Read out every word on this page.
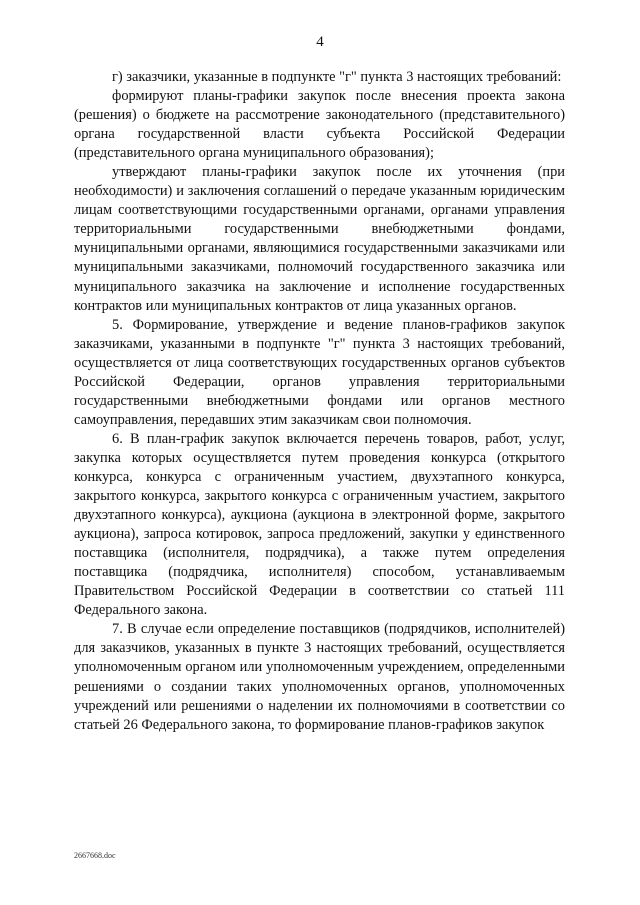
4

г) заказчики, указанные в подпункте "г" пункта 3 настоящих требований:

формируют планы-графики закупок после внесения проекта закона (решения) о бюджете на рассмотрение законодательного (представительного) органа государственной власти субъекта Российской Федерации (представительного органа муниципального образования);

утверждают планы-графики закупок после их уточнения (при необходимости) и заключения соглашений о передаче указанным юридическим лицам соответствующими государственными органами, органами управления территориальными государственными внебюджетными фондами, муниципальными органами, являющимися государственными заказчиками или муниципальными заказчиками, полномочий государственного заказчика или муниципального заказчика на заключение и исполнение государственных контрактов или муниципальных контрактов от лица указанных органов.

5. Формирование, утверждение и ведение планов-графиков закупок заказчиками, указанными в подпункте "г" пункта 3 настоящих требований, осуществляется от лица соответствующих государственных органов субъектов Российской Федерации, органов управления территориальными государственными внебюджетными фондами или органов местного самоуправления, передавших этим заказчикам свои полномочия.

6. В план-график закупок включается перечень товаров, работ, услуг, закупка которых осуществляется путем проведения конкурса (открытого конкурса, конкурса с ограниченным участием, двухэтапного конкурса, закрытого конкурса, закрытого конкурса с ограниченным участием, закрытого двухэтапного конкурса), аукциона (аукциона в электронной форме, закрытого аукциона), запроса котировок, запроса предложений, закупки у единственного поставщика (исполнителя, подрядчика), а также путем определения поставщика (подрядчика, исполнителя) способом, устанавливаемым Правительством Российской Федерации в соответствии со статьей 111 Федерального закона.

7. В случае если определение поставщиков (подрядчиков, исполнителей) для заказчиков, указанных в пункте 3 настоящих требований, осуществляется уполномоченным органом или уполномоченным учреждением, определенными решениями о создании таких уполномоченных органов, уполномоченных учреждений или решениями о наделении их полномочиями в соответствии со статьей 26 Федерального закона, то формирование планов-графиков закупок

2667668.doc
